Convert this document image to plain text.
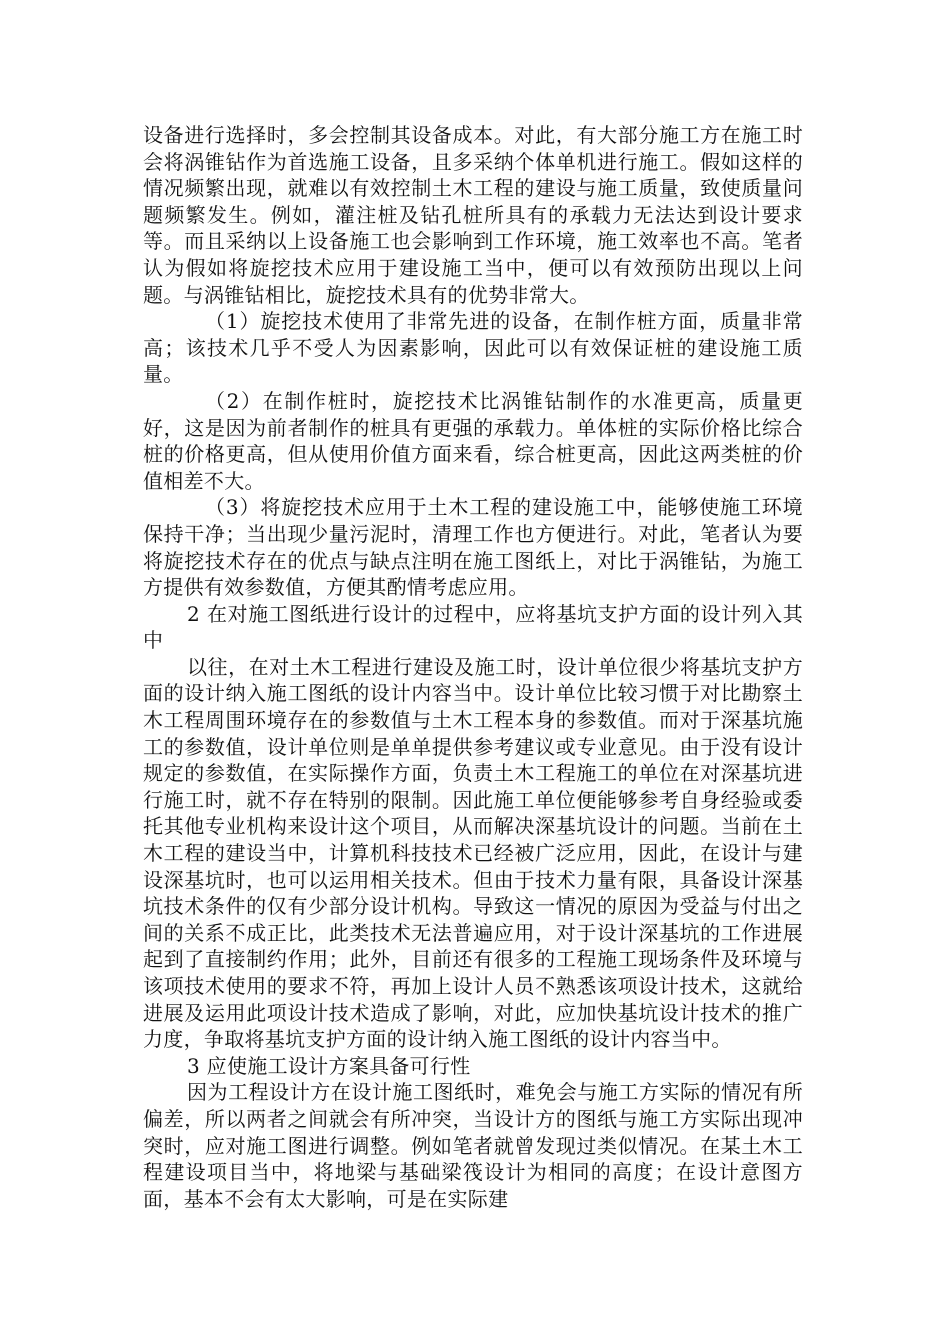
设备进行选择时，多会控制其设备成本。对此，有大部分施工方在施工时会将涡锥钻作为首选施工设备，且多采纳个体单机进行施工。假如这样的情况频繁出现，就难以有效控制土木工程的建设与施工质量，致使质量问题频繁发生。例如，灌注桩及钻孔桩所具有的承载力无法达到设计要求等。而且采纳以上设备施工也会影响到工作环境，施工效率也不高。笔者认为假如将旋挖技术应用于建设施工当中，便可以有效预防出现以上问题。与涡锥钻相比，旋挖技术具有的优势非常大。

（1）旋挖技术使用了非常先进的设备，在制作桩方面，质量非常高；该技术几乎不受人为因素影响，因此可以有效保证桩的建设施工质量。

（2）在制作桩时，旋挖技术比涡锥钻制作的水准更高，质量更好，这是因为前者制作的桩具有更强的承载力。单体桩的实际价格比综合桩的价格更高，但从使用价值方面来看，综合桩更高，因此这两类桩的价值相差不大。

（3）将旋挖技术应用于土木工程的建设施工中，能够使施工环境保持干净；当出现少量污泥时，清理工作也方便进行。对此，笔者认为要将旋挖技术存在的优点与缺点注明在施工图纸上，对比于涡锥钻，为施工方提供有效参数值，方便其酌情考虑应用。

2 在对施工图纸进行设计的过程中，应将基坑支护方面的设计列入其中

以往，在对土木工程进行建设及施工时，设计单位很少将基坑支护方面的设计纳入施工图纸的设计内容当中。设计单位比较习惯于对比勘察土木工程周围环境存在的参数值与土木工程本身的参数值。而对于深基坑施工的参数值，设计单位则是单单提供参考建议或专业意见。由于没有设计规定的参数值，在实际操作方面，负责土木工程施工的单位在对深基坑进行施工时，就不存在特别的限制。因此施工单位便能够参考自身经验或委托其他专业机构来设计这个项目，从而解决深基坑设计的问题。当前在土木工程的建设当中，计算机科技技术已经被广泛应用，因此，在设计与建设深基坑时，也可以运用相关技术。但由于技术力量有限，具备设计深基坑技术条件的仅有少部分设计机构。导致这一情况的原因为受益与付出之间的关系不成正比，此类技术无法普遍应用，对于设计深基坑的工作进展起到了直接制约作用；此外，目前还有很多的工程施工现场条件及环境与该项技术使用的要求不符，再加上设计人员不熟悉该项设计技术，这就给进展及运用此项设计技术造成了影响，对此，应加快基坑设计技术的推广力度，争取将基坑支护方面的设计纳入施工图纸的设计内容当中。

3 应使施工设计方案具备可行性

因为工程设计方在设计施工图纸时，难免会与施工方实际的情况有所偏差，所以两者之间就会有所冲突，当设计方的图纸与施工方实际出现冲突时，应对施工图进行调整。例如笔者就曾发现过类似情况。在某土木工程建设项目当中，将地梁与基础梁筏设计为相同的高度；在设计意图方面，基本不会有太大影响，可是在实际建
